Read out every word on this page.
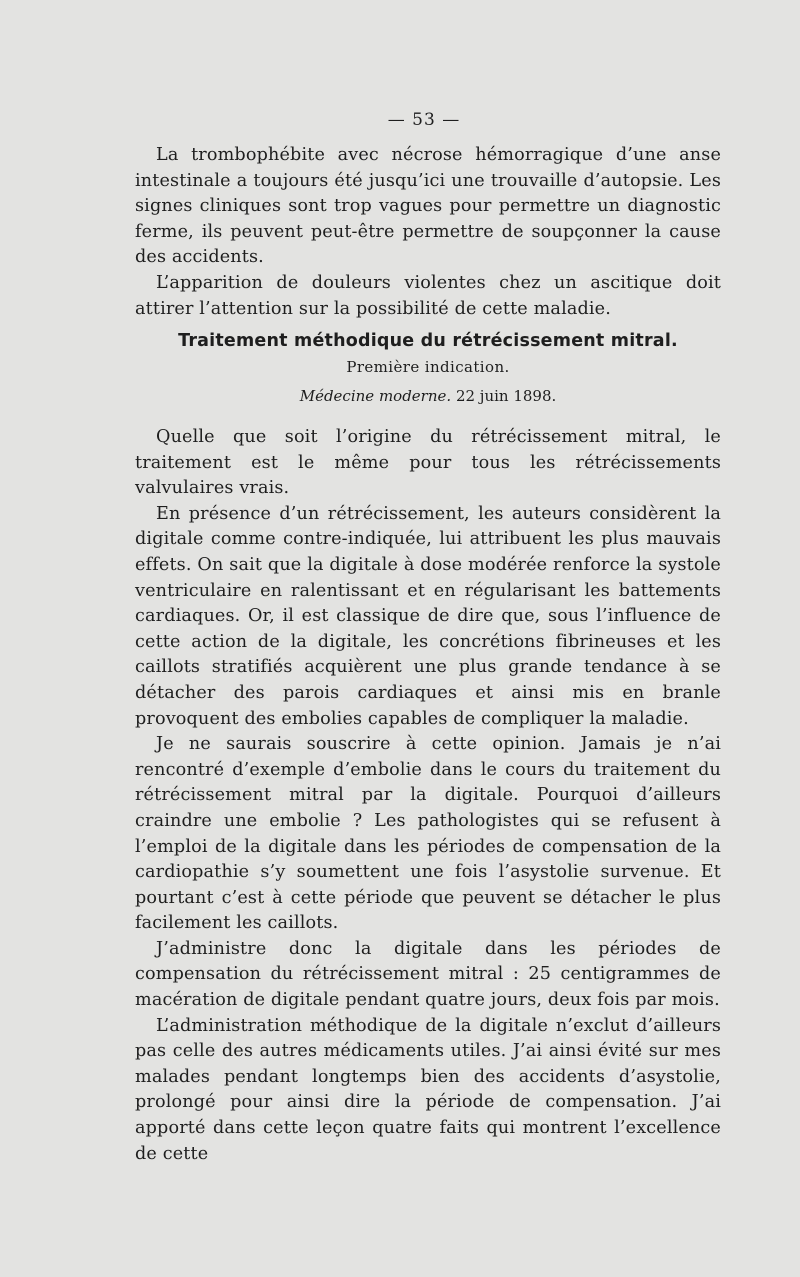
— 53 —

La trombophébite avec nécrose hémorragique d’une anse intestinale a toujours été jusqu’ici une trouvaille d’autopsie. Les signes cliniques sont trop vagues pour permettre un diagnostic ferme, ils peuvent peut-être permettre de soupçonner la cause des accidents.

L’apparition de douleurs violentes chez un ascitique doit attirer l’attention sur la possibilité de cette maladie.

Traitement méthodique du rétrécissement mitral.
Première indication.
Médecine moderne. 22 juin 1898.

Quelle que soit l’origine du rétrécissement mitral, le traitement est le même pour tous les rétrécissements valvulaires vrais.

En présence d’un rétrécissement, les auteurs considèrent la digitale comme contre-indiquée, lui attribuent les plus mauvais effets. On sait que la digitale à dose modérée renforce la systole ventriculaire en ralentissant et en régularisant les battements cardiaques. Or, il est classique de dire que, sous l’influence de cette action de la digitale, les concrétions fibrineuses et les caillots stratifiés acquièrent une plus grande tendance à se détacher des parois cardiaques et ainsi mis en branle provoquent des embolies capables de compliquer la maladie.

Je ne saurais souscrire à cette opinion. Jamais je n’ai rencontré d’exemple d’embolie dans le cours du traitement du rétrécissement mitral par la digitale. Pourquoi d’ailleurs craindre une embolie ? Les pathologistes qui se refusent à l’emploi de la digitale dans les périodes de compensation de la cardiopathie s’y soumettent une fois l’asystolie survenue. Et pourtant c’est à cette période que peuvent se détacher le plus facilement les caillots.

J’administre donc la digitale dans les périodes de compensation du rétrécissement mitral : 25 centigrammes de macération de digitale pendant quatre jours, deux fois par mois.

L’administration méthodique de la digitale n’exclut d’ailleurs pas celle des autres médicaments utiles. J’ai ainsi évité sur mes malades pendant longtemps bien des accidents d’asystolie, prolongé pour ainsi dire la période de compensation. J’ai apporté dans cette leçon quatre faits qui montrent l’excellence de cette
